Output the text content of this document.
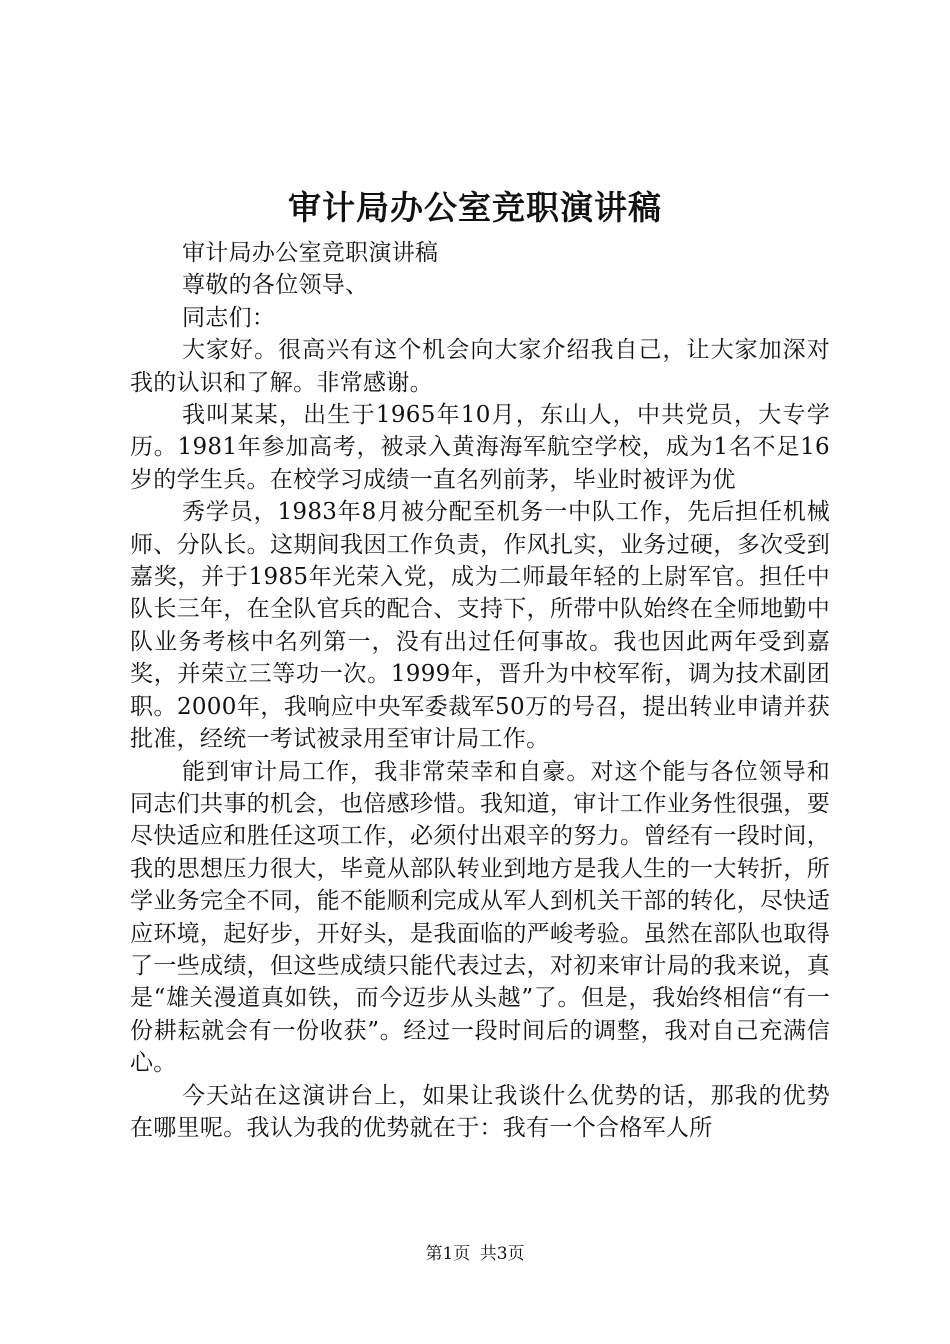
审计局办公室竞职演讲稿

审计局办公室竞职演讲稿

尊敬的各位领导、

同志们：

大家好。很高兴有这个机会向大家介绍我自己，让大家加深对我的认识和了解。非常感谢。

我叫某某，出生于1965年10月，东山人，中共党员，大专学历。1981年参加高考，被录入黄海海军航空学校，成为1名不足16岁的学生兵。在校学习成绩一直名列前茅，毕业时被评为优

秀学员，1983年8月被分配至机务一中队工作，先后担任机械师、分队长。这期间我因工作负责，作风扎实，业务过硬，多次受到嘉奖，并于1985年光荣入党，成为二师最年轻的上尉军官。担任中队长三年，在全队官兵的配合、支持下，所带中队始终在全师地勤中队业务考核中名列第一，没有出过任何事故。我也因此两年受到嘉奖，并荣立三等功一次。1999年，晋升为中校军衔，调为技术副团职。2000年，我响应中央军委裁军50万的号召，提出转业申请并获批准，经统一考试被录用至审计局工作。

能到审计局工作，我非常荣幸和自豪。对这个能与各位领导和同志们共事的机会，也倍感珍惜。我知道，审计工作业务性很强，要尽快适应和胜任这项工作，必须付出艰辛的努力。曾经有一段时间，我的思想压力很大，毕竟从部队转业到地方是我人生的一大转折，所学业务完全不同，能不能顺利完成从军人到机关干部的转化，尽快适应环境，起好步，开好头，是我面临的严峻考验。虽然在部队也取得了一些成绩，但这些成绩只能代表过去，对初来审计局的我来说，真是“雄关漫道真如铁，而今迈步从头越”了。但是，我始终相信“有一份耕耘就会有一份收获”。经过一段时间后的调整，我对自己充满信心。

今天站在这演讲台上，如果让我谈什么优势的话，那我的优势在哪里呢。我认为我的优势就在于：我有一个合格军人所

第1页 共3页
